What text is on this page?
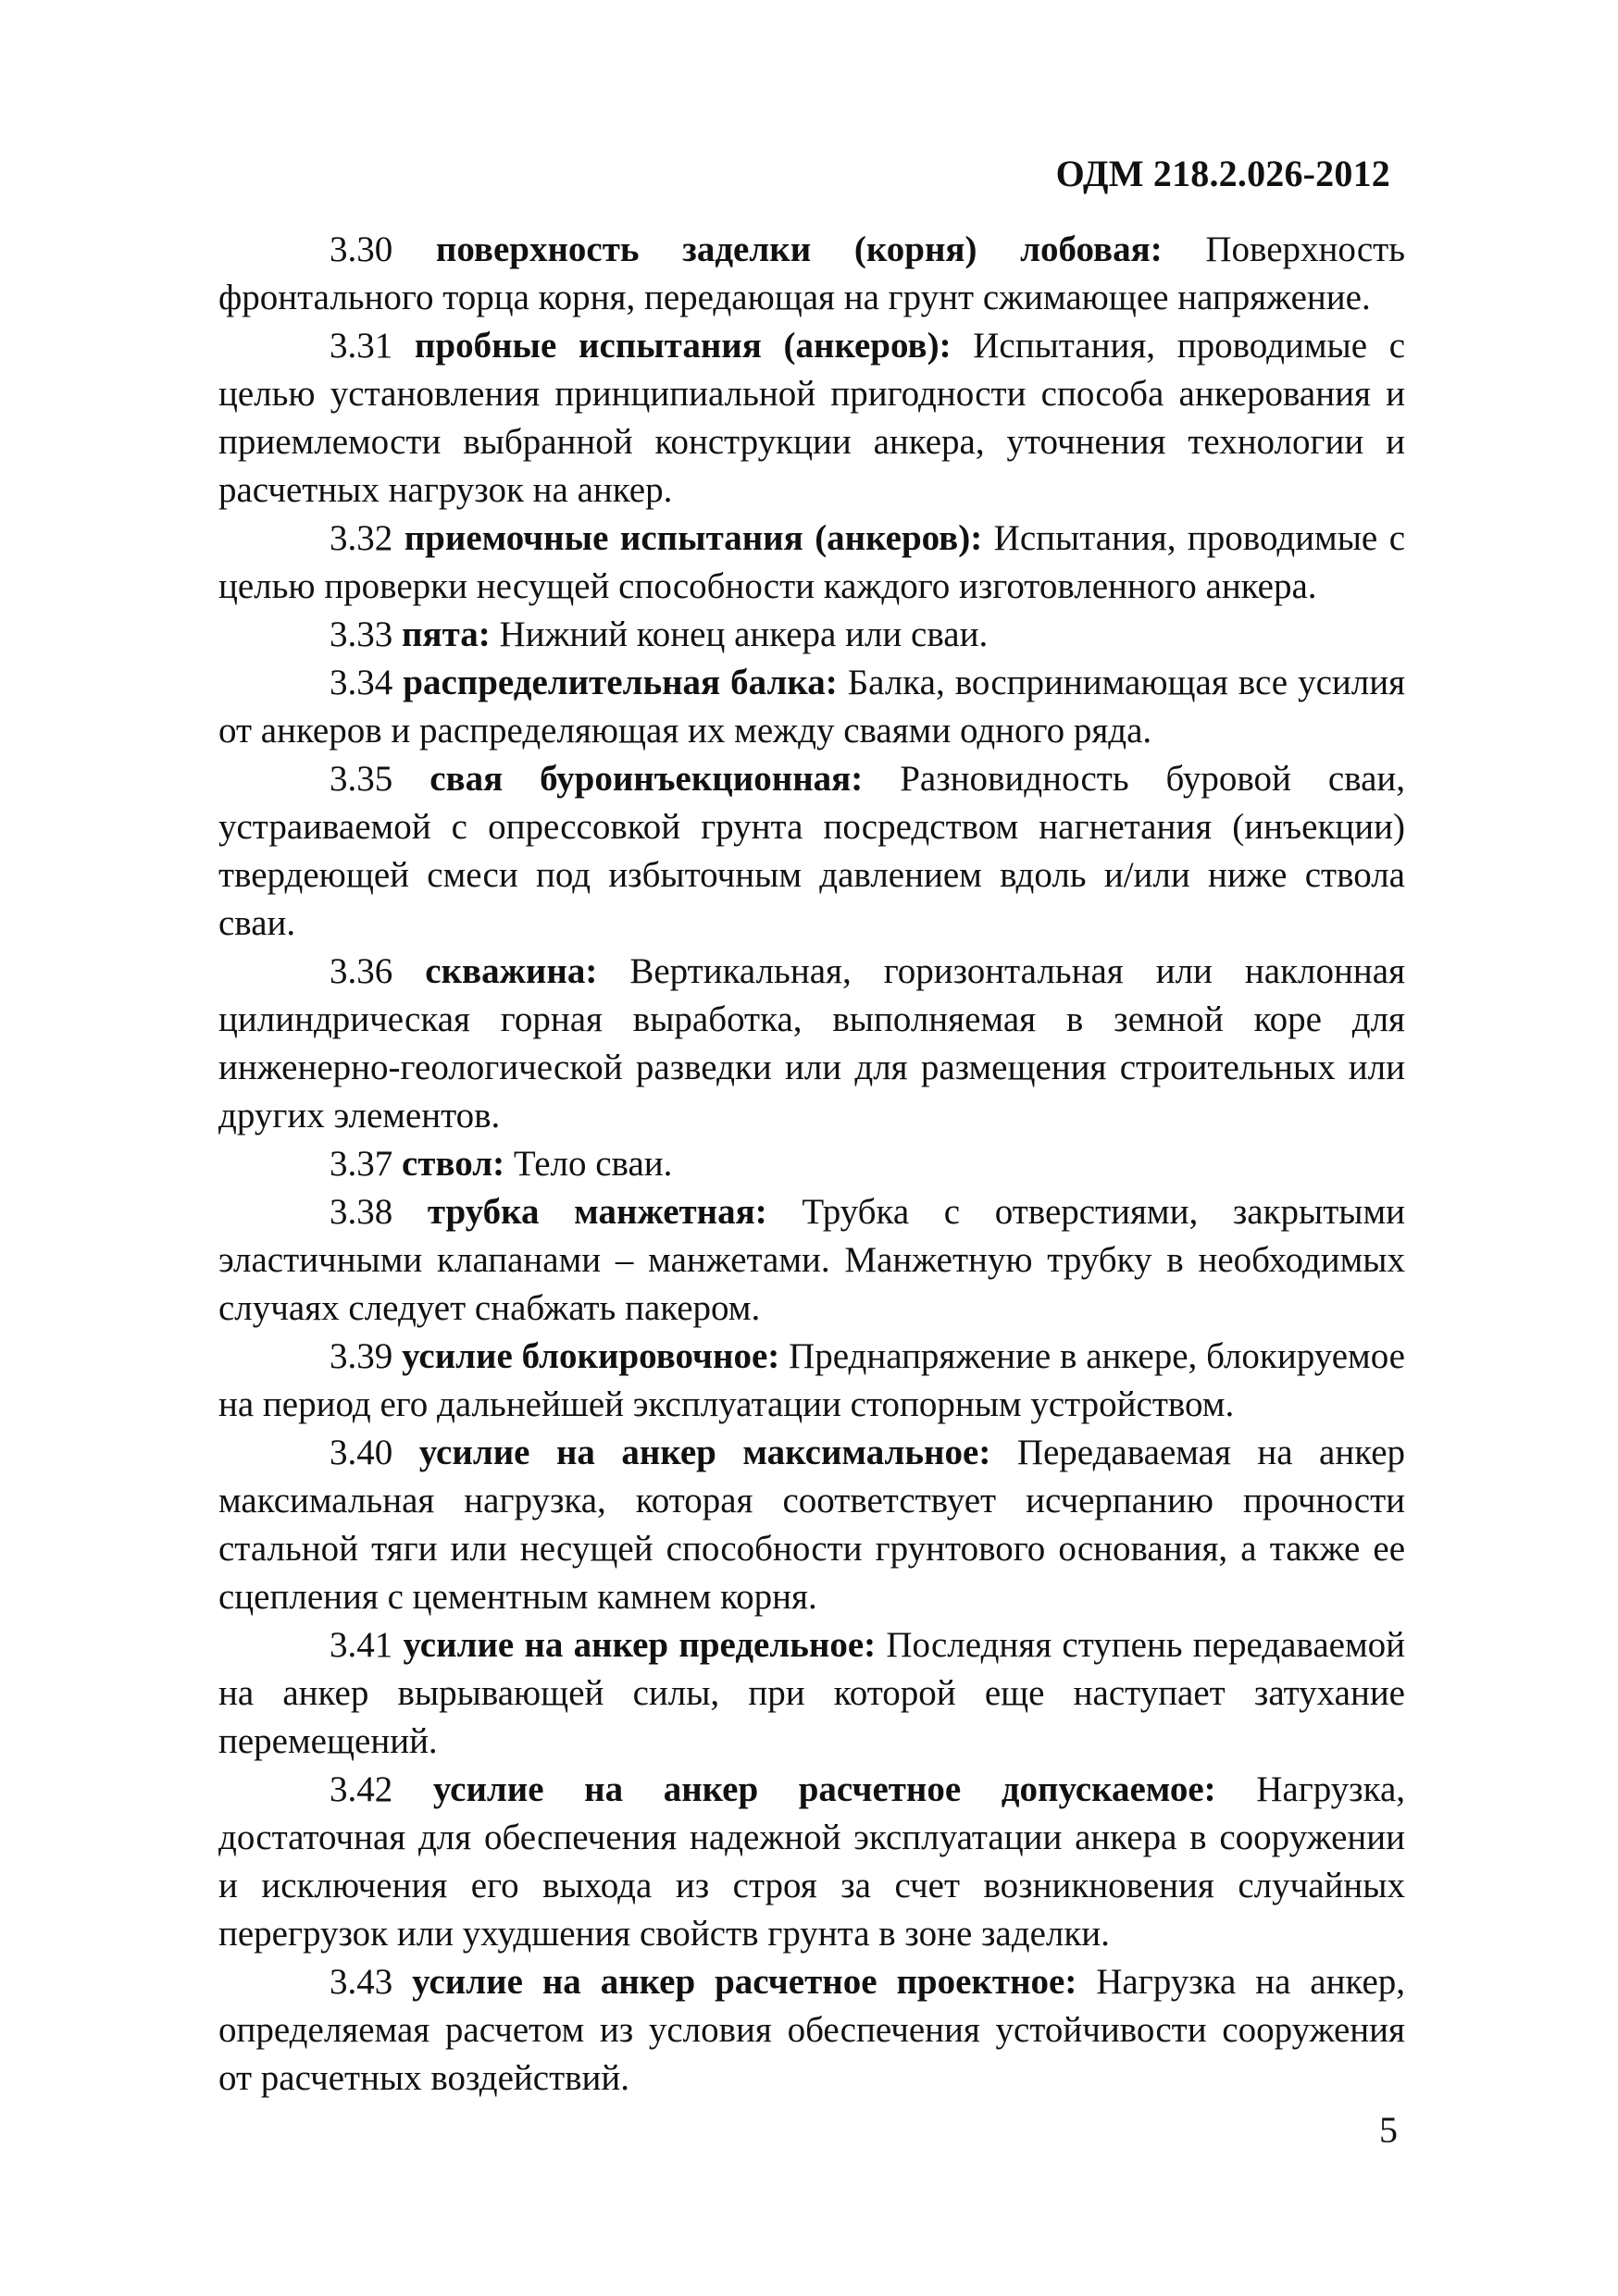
ОДМ 218.2.026-2012

3.30 поверхность заделки (корня) лобовая: Поверхность фронтального торца корня, передающая на грунт сжимающее напряжение.

3.31 пробные испытания (анкеров): Испытания, проводимые с целью установления принципиальной пригодности способа анкерования и приемлемости выбранной конструкции анкера, уточнения технологии и расчетных нагрузок на анкер.

3.32 приемочные испытания (анкеров): Испытания, проводимые с целью проверки несущей способности каждого изготовленного анкера.

3.33 пята: Нижний конец анкера или сваи.

3.34 распределительная балка: Балка, воспринимающая все усилия от анкеров и распределяющая их между сваями одного ряда.

3.35 свая буроинъекционная: Разновидность буровой сваи, устраиваемой с опрессовкой грунта посредством нагнетания (инъекции) твердеющей смеси под избыточным давлением вдоль и/или ниже ствола сваи.

3.36 скважина: Вертикальная, горизонтальная или наклонная цилиндрическая горная выработка, выполняемая в земной коре для инженерно-геологической разведки или для размещения строительных или других элементов.

3.37 ствол: Тело сваи.

3.38 трубка манжетная: Трубка с отверстиями, закрытыми эластичными клапанами – манжетами. Манжетную трубку в необходимых случаях следует снабжать пакером.

3.39 усилие блокировочное: Преднапряжение в анкере, блокируемое на период его дальнейшей эксплуатации стопорным устройством.

3.40 усилие на анкер максимальное: Передаваемая на анкер максимальная нагрузка, которая соответствует исчерпанию прочности стальной тяги или несущей способности грунтового основания, а также ее сцепления с цементным камнем корня.

3.41 усилие на анкер предельное: Последняя ступень передаваемой на анкер вырывающей силы, при которой еще наступает затухание перемещений.

3.42 усилие на анкер расчетное допускаемое: Нагрузка, достаточная для обеспечения надежной эксплуатации анкера в сооружении и исключения его выхода из строя за счет возникновения случайных перегрузок или ухудшения свойств грунта в зоне заделки.

3.43 усилие на анкер расчетное проектное: Нагрузка на анкер, определяемая расчетом из условия обеспечения устойчивости сооружения от расчетных воздействий.

5
